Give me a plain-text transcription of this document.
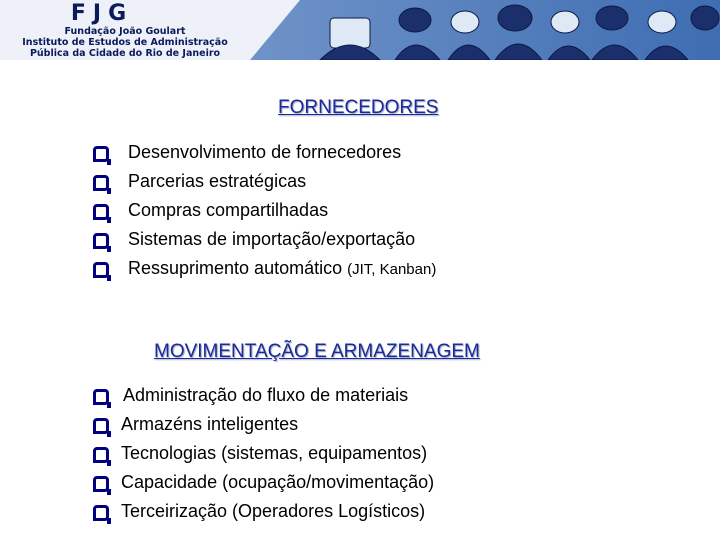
FJG
Fundação João Goulart
Instituto de Estudos de Administração
Pública da Cidade do Rio de Janeiro
FORNECEDORES
Desenvolvimento de fornecedores
Parcerias estratégicas
Compras compartilhadas
Sistemas de importação/exportação
Ressuprimento automático (JIT, Kanban)
MOVIMENTAÇÃO E ARMAZENAGEM
Administração do fluxo de materiais
Armazéns inteligentes
Tecnologias (sistemas, equipamentos)
Capacidade (ocupação/movimentação)
Terceirização (Operadores Logísticos)
